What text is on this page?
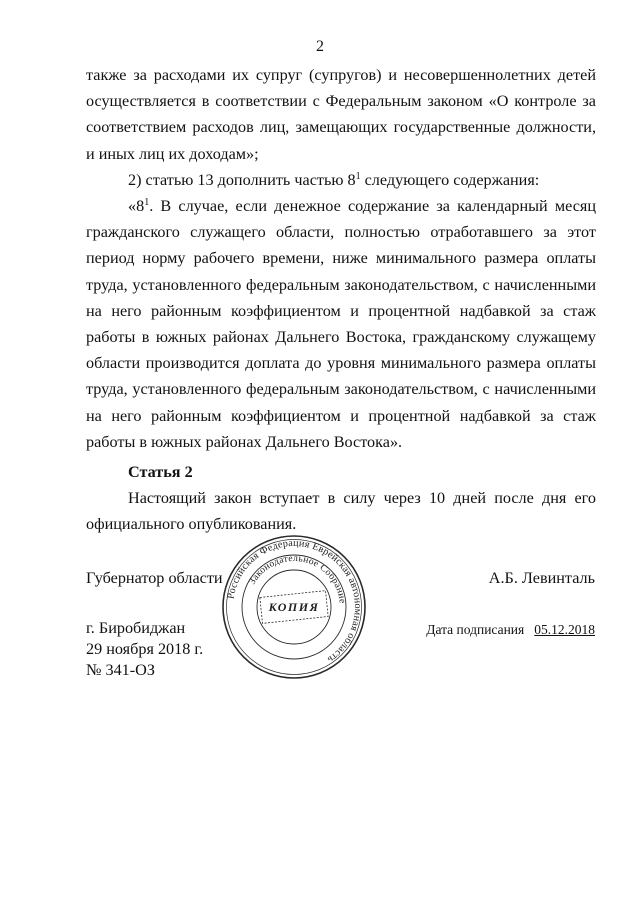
2

также за расходами их супруг (супругов) и несовершеннолетних детей осуществляется в соответствии с Федеральным законом «О контроле за соответствием расходов лиц, замещающих государственные должности, и иных лиц их доходам»;

2) статью 13 дополнить частью $8^1$ следующего содержания:

«$8^1$. В случае, если денежное содержание за календарный месяц гражданского служащего области, полностью отработавшего за этот период норму рабочего времени, ниже минимального размера оплаты труда, установленного федеральным законодательством, с начисленными на него районным коэффициентом и процентной надбавкой за стаж работы в южных районах Дальнего Востока, гражданскому служащему области производится доплата до уровня минимального размера оплаты труда, установленного федеральным законодательством, с начисленными на него районным коэффициентом и процентной надбавкой за стаж работы в южных районах Дальнего Востока».

Статья 2

Настоящий закон вступает в силу через 10 дней после дня его официального опубликования.

Губернатор области	А.Б. Левинталь
г. Биробиджан
29 ноября 2018 г.
№ 341-ОЗ
Дата подписания 05.12.2018
Российская Федерация Еврейская автономная область
Законодательное Собрание
КОПИЯ
